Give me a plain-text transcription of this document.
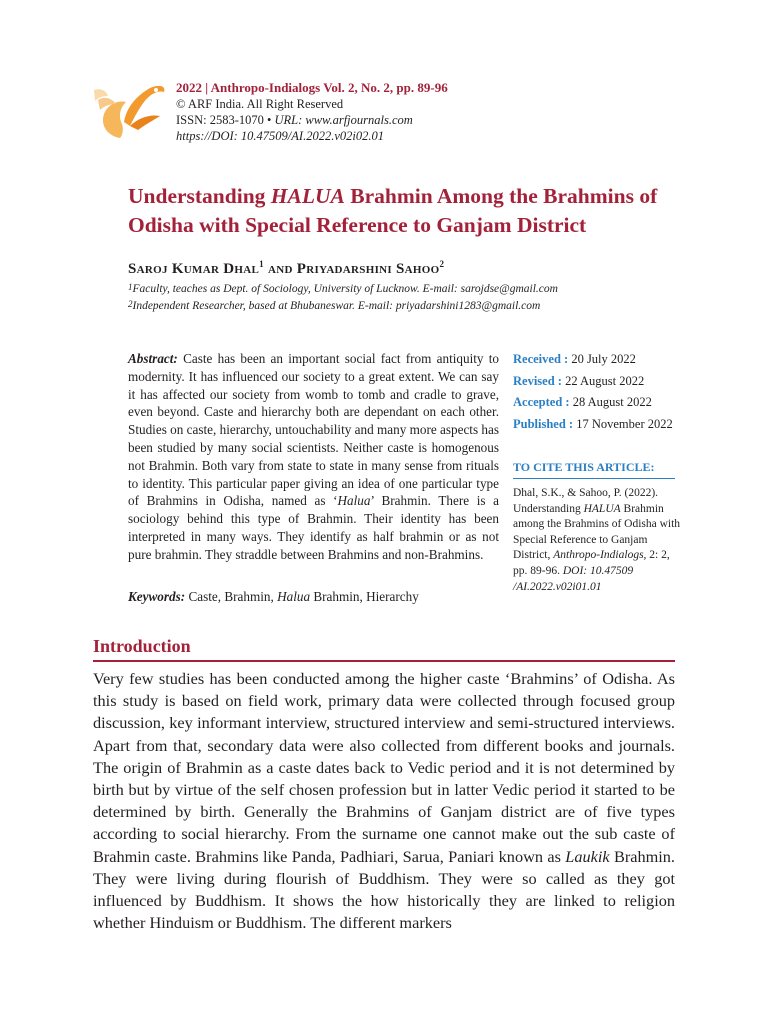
2022 | Anthropo-Indialogs Vol. 2, No. 2, pp. 89-96
© ARF India. All Right Reserved
ISSN: 2583-1070 • URL: www.arfjournals.com
https://DOI: 10.47509/AI.2022.v02i02.01
Understanding HALUA Brahmin Among the Brahmins of Odisha with Special Reference to Ganjam District
Saroj Kumar Dhal$^1$ and Priyadarshini Sahoo$^2$
$^1$Faculty, teaches as Dept. of Sociology, University of Lucknow. E-mail: sarojdse@gmail.com
$^2$Independent Researcher, based at Bhubaneswar. E-mail: priyadarshini1283@gmail.com
Abstract: Caste has been an important social fact from antiquity to modernity. It has influenced our society to a great extent. We can say it has affected our society from womb to tomb and cradle to grave, even beyond. Caste and hierarchy both are dependant on each other. Studies on caste, hierarchy, untouchability and many more aspects has been studied by many social scientists. Neither caste is homogenous not Brahmin. Both vary from state to state in many sense from rituals to identity. This particular paper giving an idea of one particular type of Brahmins in Odisha, named as ‘Halua’ Brahmin. There is a sociology behind this type of Brahmin. Their identity has been interpreted in many ways. They identify as half brahmin or as not pure brahmin. They straddle between Brahmins and non-Brahmins.
Keywords: Caste, Brahmin, Halua Brahmin, Hierarchy
Received : 20 July 2022
Revised : 22 August 2022
Accepted : 28 August 2022
Published : 17 November 2022
TO CITE THIS ARTICLE:
Dhal, S.K., & Sahoo, P. (2022). Understanding HALUA Brahmin among the Brahmins of Odisha with Special Reference to Ganjam District, Anthropo-Indialogs, 2: 2, pp. 89-96. DOI: 10.47509 /AI.2022.v02i01.01
Introduction
Very few studies has been conducted among the higher caste ‘Brahmins’ of Odisha. As this study is based on field work, primary data were collected through focused group discussion, key informant interview, structured interview and semi-structured interviews. Apart from that, secondary data were also collected from different books and journals. The origin of Brahmin as a caste dates back to Vedic period and it is not determined by birth but by virtue of the self chosen profession but in latter Vedic period it started to be determined by birth. Generally the Brahmins of Ganjam district are of five types according to social hierarchy. From the surname one cannot make out the sub caste of Brahmin caste. Brahmins like Panda, Padhiari, Sarua, Paniari known as Laukik Brahmin. They were living during flourish of Buddhism. They were so called as they got influenced by Buddhism. It shows the how historically they are linked to religion whether Hinduism or Buddhism. The different markers
